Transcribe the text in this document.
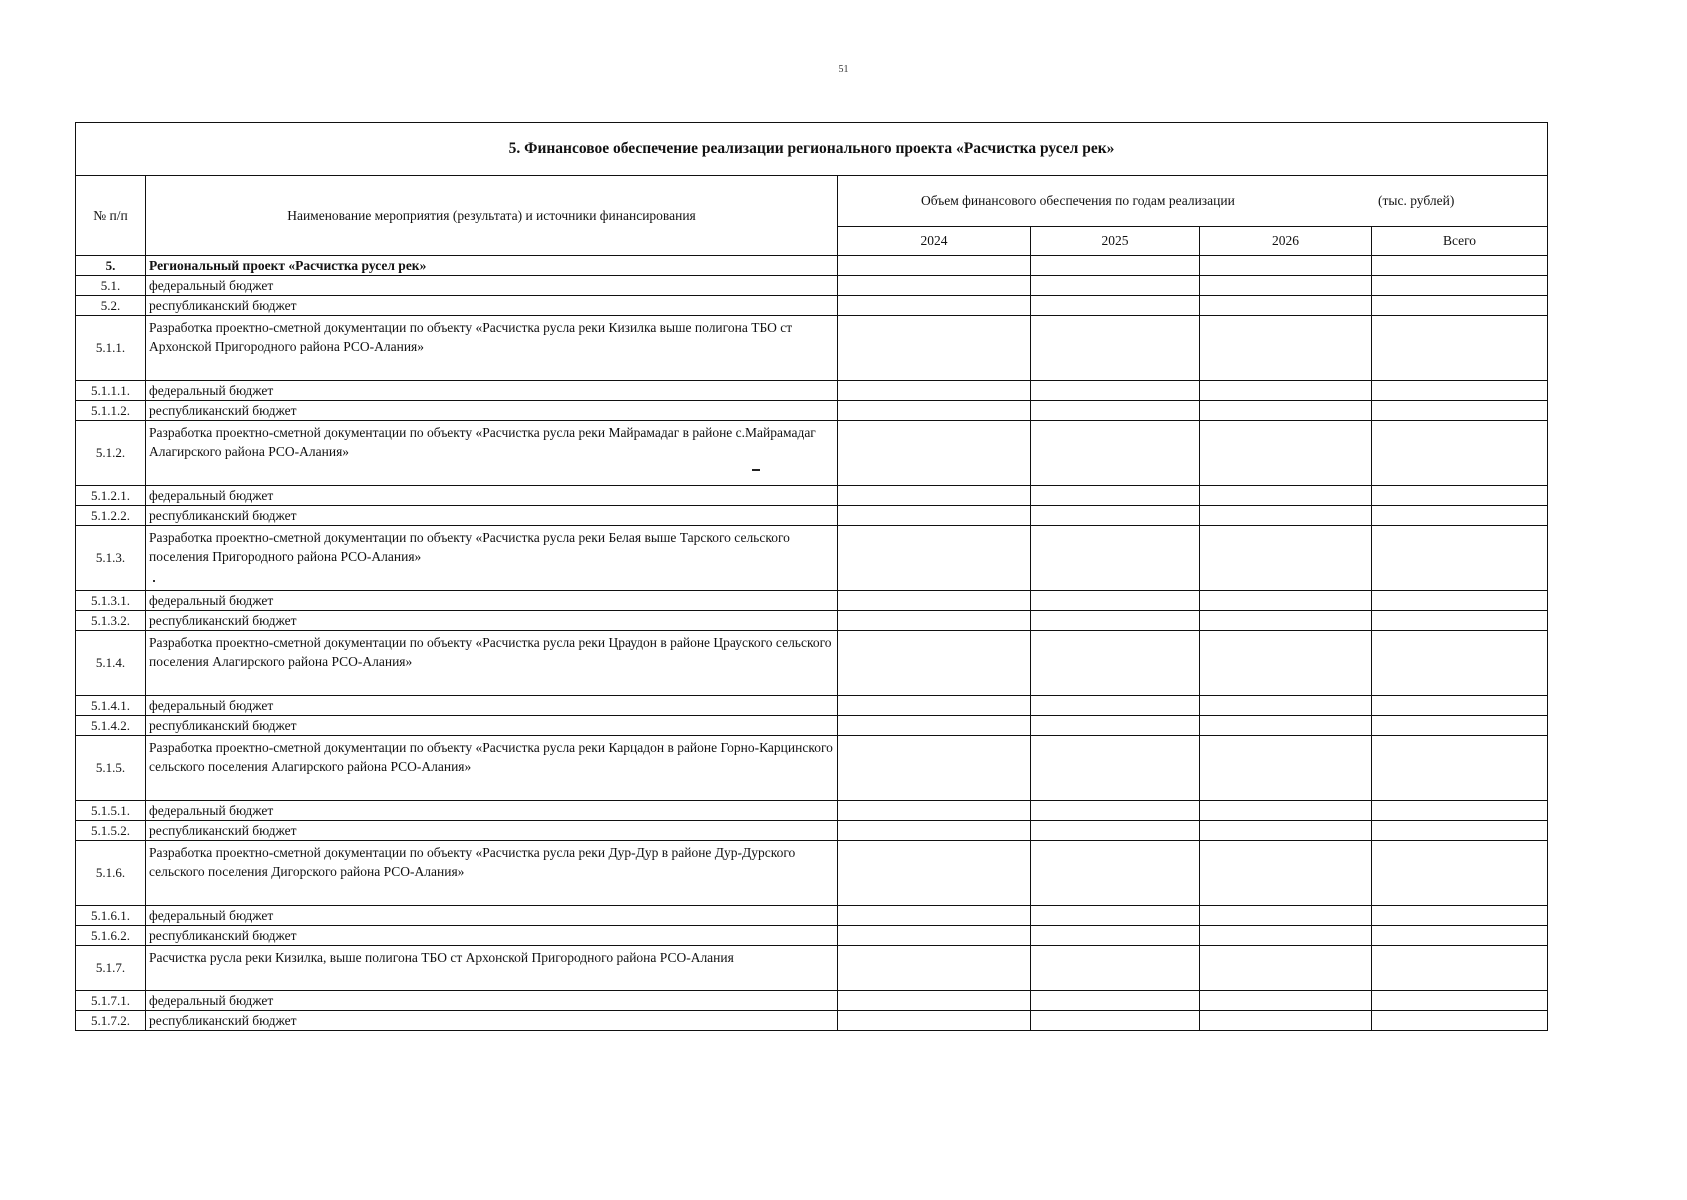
51
5. Финансовое обеспечение реализации регионального проекта «Расчистка русел рек»					
№ п/п	Наименование мероприятия (результата) и источники финансирования	Объем финансового обеспечения по годам реализации (тыс. рублей)			

		2024	2025	2026	Всего
5.	Региональный проект «Расчистка русел рек»				
5.1.	федеральный бюджет				
5.2.	республиканский бюджет				
5.1.1.	Разработка проектно-сметной документации по объекту «Расчистка русла реки Кизилка выше полигона ТБО ст Архонской Пригородного района РСО-Алания»				
5.1.1.1.	федеральный бюджет				
5.1.1.2.	республиканский бюджет				
5.1.2.	Разработка проектно-сметной документации по объекту «Расчистка русла реки Майрамадаг в районе с.Майрамадаг Алагирского района РСО-Алания»				
5.1.2.1.	федеральный бюджет				
5.1.2.2.	республиканский бюджет				
5.1.3.	Разработка проектно-сметной документации по объекту «Расчистка русла реки Белая выше Тарского сельского поселения Пригородного района РСО-Алания»				
5.1.3.1.	федеральный бюджет				
5.1.3.2.	республиканский бюджет				
5.1.4.	Разработка проектно-сметной документации по объекту «Расчистка русла реки Цраудон в районе Црауского сельского поселения Алагирского района РСО-Алания»				
5.1.4.1.	федеральный бюджет				
5.1.4.2.	республиканский бюджет				
5.1.5.	Разработка проектно-сметной документации по объекту «Расчистка русла реки Карцадон в районе Горно-Карцинского сельского поселения Алагирского района РСО-Алания»				
5.1.5.1.	федеральный бюджет				
5.1.5.2.	республиканский бюджет				
5.1.6.	Разработка проектно-сметной документации по объекту «Расчистка русла реки Дур-Дур в районе Дур-Дурского сельского поселения Дигорского района РСО-Алания»				
5.1.6.1.	федеральный бюджет				
5.1.6.2.	республиканский бюджет				
5.1.7.	Расчистка русла реки Кизилка, выше полигона ТБО ст Архонской Пригородного района РСО-Алания				
5.1.7.1.	федеральный бюджет				
5.1.7.2.	республиканский бюджет				
